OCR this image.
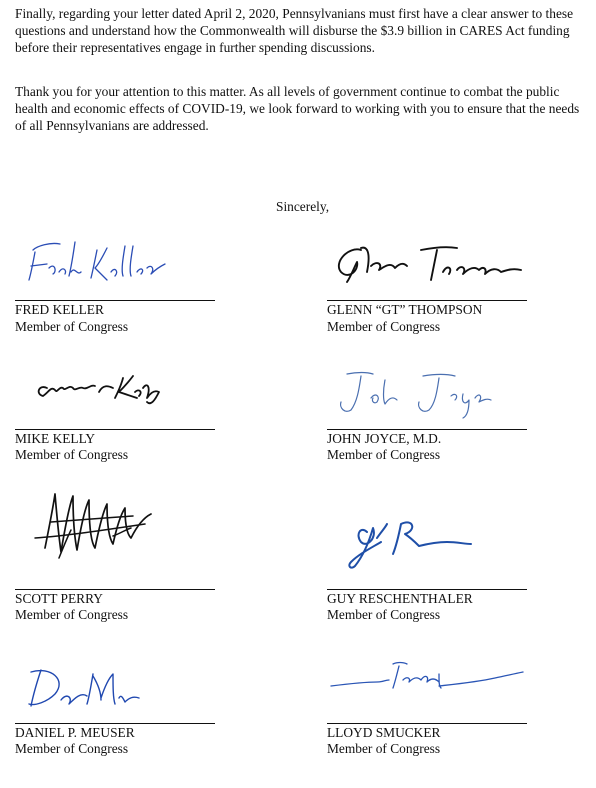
Finally, regarding your letter dated April 2, 2020, Pennsylvanians must first have a clear answer to these questions and understand how the Commonwealth will disburse the $3.9 billion in CARES Act funding before their representatives engage in further spending discussions.

Thank you for your attention to this matter. As all levels of government continue to combat the public health and economic effects of COVID-19, we look forward to working with you to ensure that the needs of all Pennsylvanians are addressed.

Sincerely,
FRED KELLER
Member of Congress
MIKE KELLY
Member of Congress
SCOTT PERRY
Member of Congress
DANIEL P. MEUSER
Member of Congress
GLENN “GT” THOMPSON
Member of Congress
JOHN JOYCE, M.D.
Member of Congress
GUY RESCHENTHALER
Member of Congress
LLOYD SMUCKER
Member of Congress
